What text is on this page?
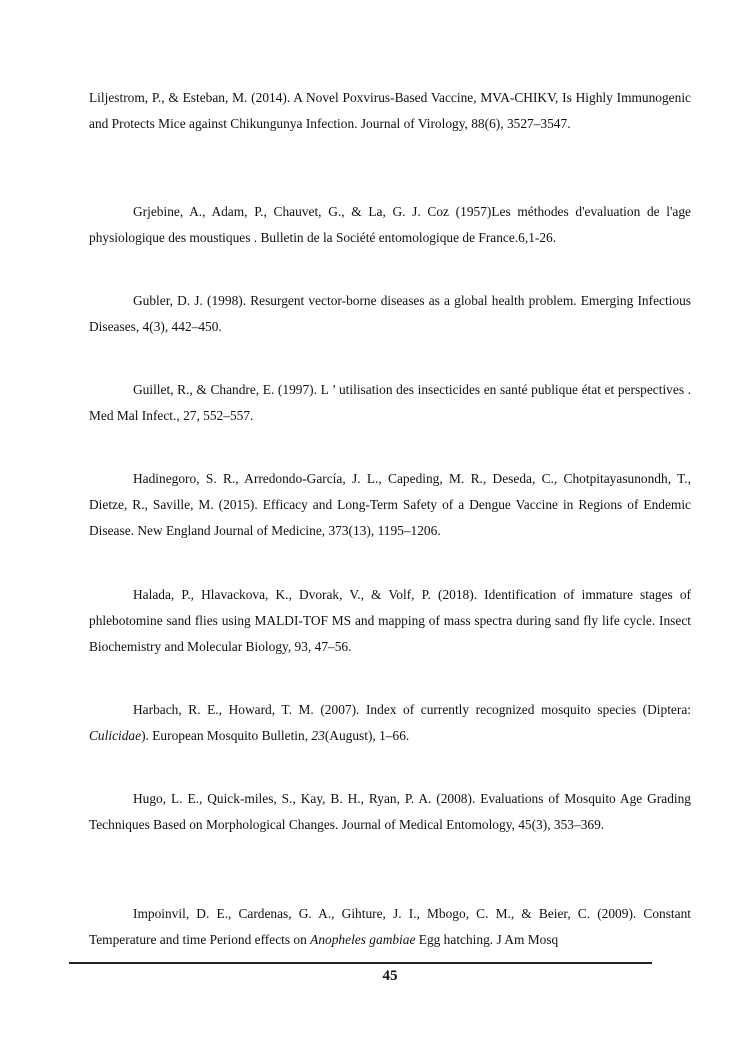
Liljestrom, P., & Esteban, M. (2014). A Novel Poxvirus-Based Vaccine, MVA-CHIKV, Is Highly Immunogenic and Protects Mice against Chikungunya Infection. Journal of Virology, 88(6), 3527–3547.

Grjebine, A., Adam, P., Chauvet, G., & La, G. J. Coz (1957)Les méthodes d'evaluation de l'age physiologique des moustiques . Bulletin de la Société entomologique de France.6,1-26.

Gubler, D. J. (1998). Resurgent vector-borne diseases as a global health problem. Emerging Infectious Diseases, 4(3), 442–450.

Guillet, R., & Chandre, E. (1997). L ’ utilisation des insecticides en santé publique état et perspectives . Med Mal Infect., 27, 552–557.

Hadinegoro, S. R., Arredondo-García, J. L., Capeding, M. R., Deseda, C., Chotpitayasunondh, T., Dietze, R., Saville, M. (2015). Efficacy and Long-Term Safety of a Dengue Vaccine in Regions of Endemic Disease. New England Journal of Medicine, 373(13), 1195–1206.

Halada, P., Hlavackova, K., Dvorak, V., & Volf, P. (2018). Identification of immature stages of phlebotomine sand flies using MALDI-TOF MS and mapping of mass spectra during sand fly life cycle. Insect Biochemistry and Molecular Biology, 93, 47–56.

Harbach, R. E., Howard, T. M. (2007). Index of currently recognized mosquito species (Diptera: Culicidae). European Mosquito Bulletin, 23(August), 1–66.

Hugo, L. E., Quick-miles, S., Kay, B. H., Ryan, P. A. (2008). Evaluations of Mosquito Age Grading Techniques Based on Morphological Changes. Journal of Medical Entomology, 45(3), 353–369.

Impoinvil, D. E., Cardenas, G. A., Gihture, J. I., Mbogo, C. M., & Beier, C. (2009). Constant Temperature and time Periond effects on Anopheles gambiae Egg hatching. J Am Mosq

45
